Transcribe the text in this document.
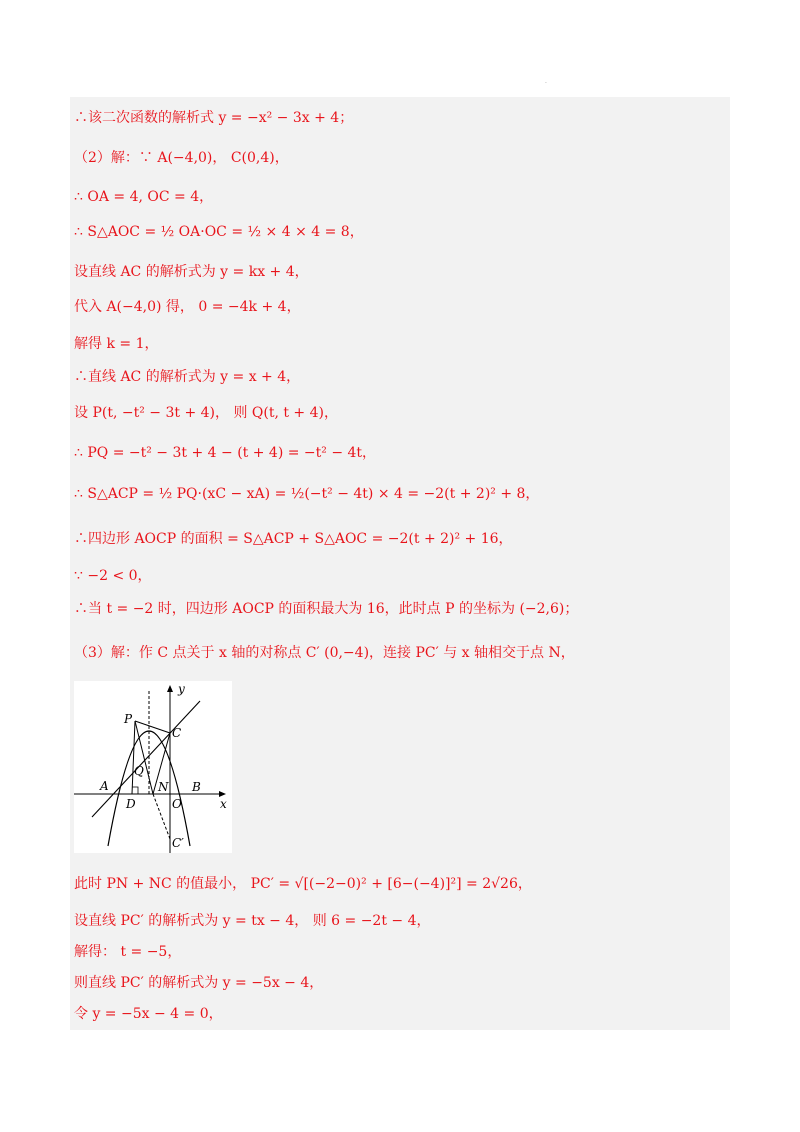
·
∴该二次函数的解析式 y = −x² − 3x + 4；
（2）解：∵ A(−4,0)， C(0,4)，
∴ OA = 4, OC = 4，
∴ S△AOC = ½ OA·OC = ½ × 4 × 4 = 8，
设直线 AC 的解析式为 y = kx + 4，
代入 A(−4,0) 得， 0 = −4k + 4，
解得 k = 1，
∴直线 AC 的解析式为 y = x + 4，
设 P(t, −t² − 3t + 4)， 则 Q(t, t + 4)，
∴ PQ = −t² − 3t + 4 − (t + 4) = −t² − 4t，
∴ S△ACP = ½ PQ·(xC − xA) = ½(−t² − 4t) × 4 = −2(t + 2)² + 8，
∴四边形 AOCP 的面积 = S△ACP + S△AOC = −2(t + 2)² + 16，
∵ −2 < 0，
∴当 t = −2 时，四边形 AOCP 的面积最大为 16，此时点 P 的坐标为 (−2,6)；
（3）解：作 C 点关于 x 轴的对称点 C′ (0,−4)，连接 PC′ 与 x 轴相交于点 N，
y
x
P
C
Q
A
D
N B
O
C′
此时 PN + NC 的值最小， PC′ = √[(−2−0)² + [6−(−4)]²] = 2√26，
设直线 PC′ 的解析式为 y = tx − 4， 则 6 = −2t − 4，
解得： t = −5，
则直线 PC′ 的解析式为 y = −5x − 4，
令 y = −5x − 4 = 0，
